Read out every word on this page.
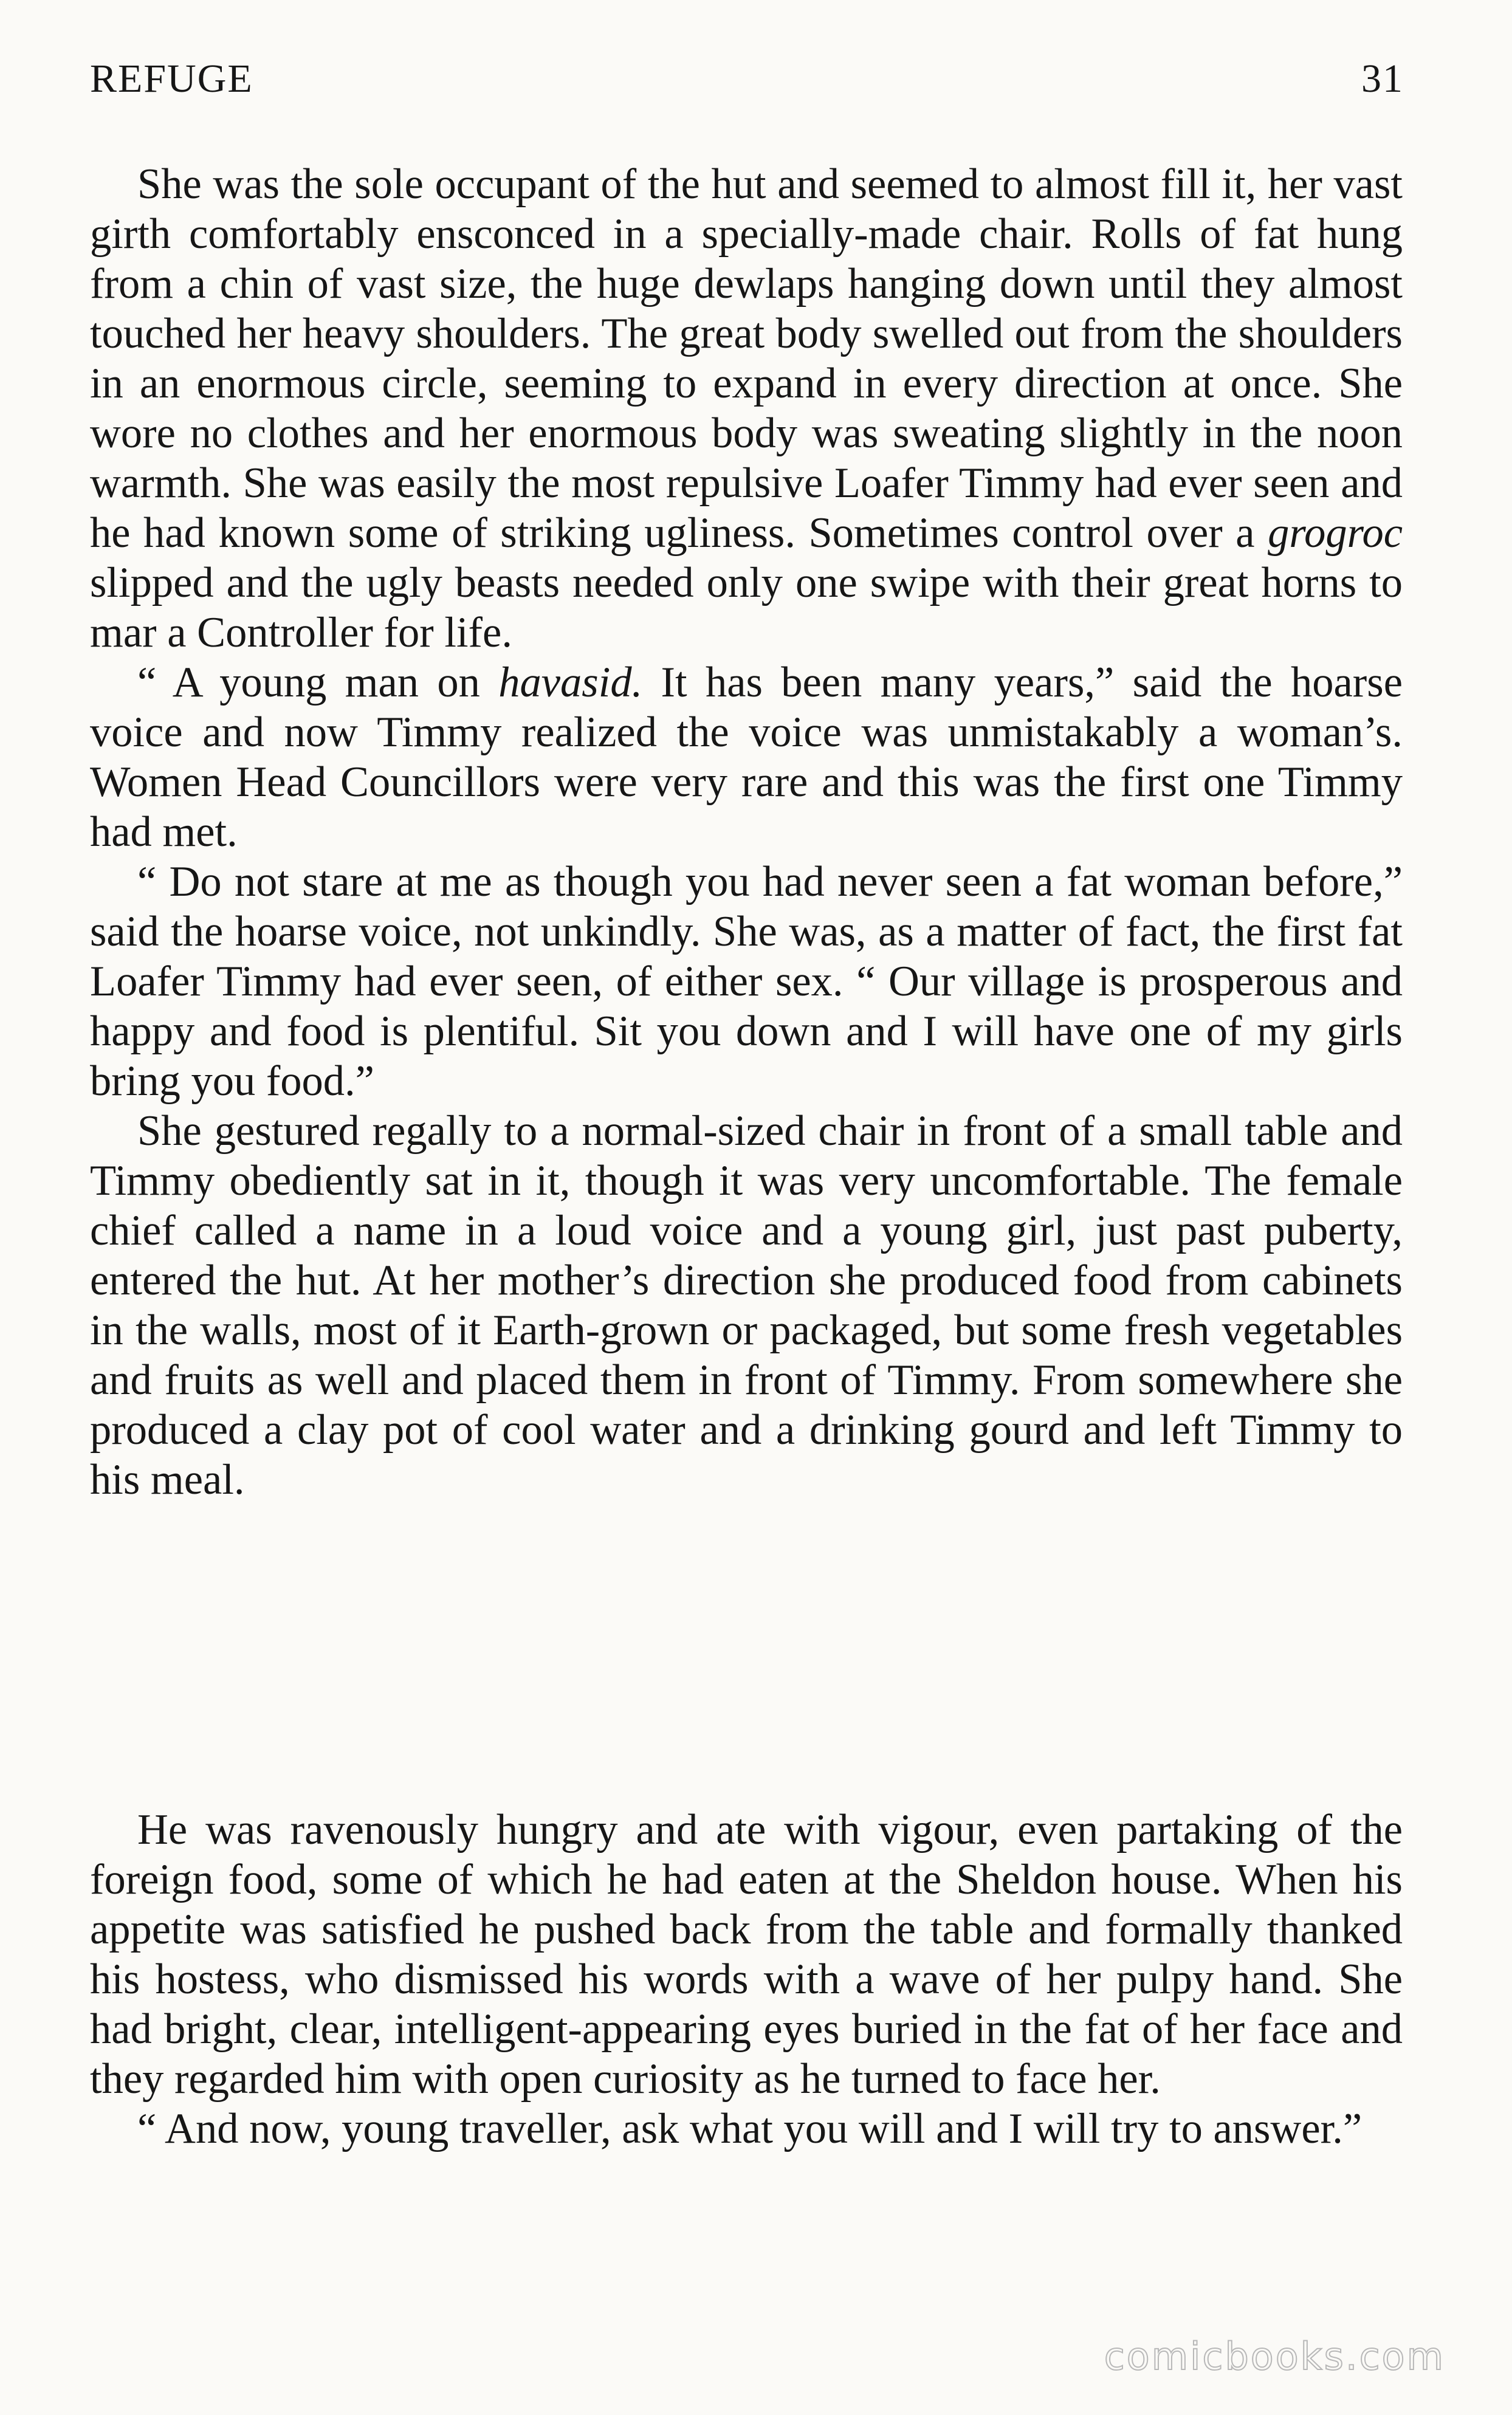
REFUGE	31

She was the sole occupant of the hut and seemed to almost fill it, her vast girth comfortably ensconced in a specially-made chair. Rolls of fat hung from a chin of vast size, the huge dewlaps hanging down until they almost touched her heavy shoulders. The great body swelled out from the shoulders in an enormous circle, seeming to expand in every direction at once. She wore no clothes and her enormous body was sweating slightly in the noon warmth. She was easily the most repulsive Loafer Timmy had ever seen and he had known some of striking ugliness. Sometimes control over a grogroc slipped and the ugly beasts needed only one swipe with their great horns to mar a Controller for life.

“ A young man on havasid. It has been many years,” said the hoarse voice and now Timmy realized the voice was unmistakably a woman’s. Women Head Councillors were very rare and this was the first one Timmy had met.

“ Do not stare at me as though you had never seen a fat woman before,” said the hoarse voice, not unkindly. She was, as a matter of fact, the first fat Loafer Timmy had ever seen, of either sex. “ Our village is prosperous and happy and food is plentiful. Sit you down and I will have one of my girls bring you food.”

She gestured regally to a normal-sized chair in front of a small table and Timmy obediently sat in it, though it was very uncomfortable. The female chief called a name in a loud voice and a young girl, just past puberty, entered the hut. At her mother’s direction she produced food from cabinets in the walls, most of it Earth-grown or packaged, but some fresh vegetables and fruits as well and placed them in front of Timmy. From somewhere she produced a clay pot of cool water and a drinking gourd and left Timmy to his meal.

He was ravenously hungry and ate with vigour, even partaking of the foreign food, some of which he had eaten at the Sheldon house. When his appetite was satisfied he pushed back from the table and formally thanked his hostess, who dismissed his words with a wave of her pulpy hand. She had bright, clear, intelligent-appearing eyes buried in the fat of her face and they regarded him with open curiosity as he turned to face her.

“ And now, young traveller, ask what you will and I will try to answer.”

comicbooks.com
